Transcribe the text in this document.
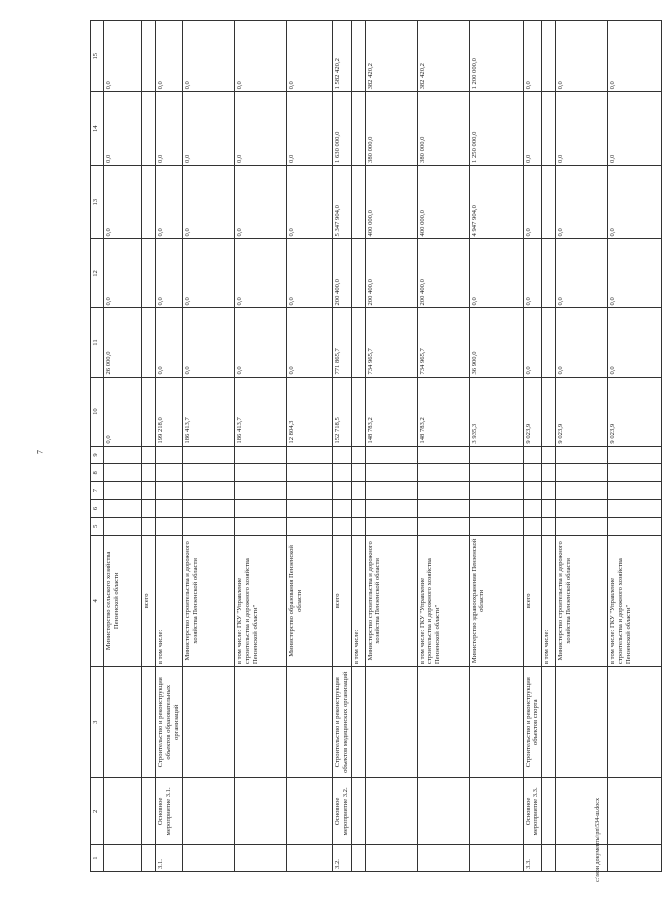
7
1	2	3	4	5	6	7	8	9	10	11	12	13	14	15
			Министерство сельского хозяйства Пензенской области						0,0	26 000,0	0,0	0,0	0,0	0,0
			всего											
3.1.	Основное мероприятие 3.1.	Строительство и реконструкция объектов образовательных организаций	в том числе:						199 218,0	0,0	0,0	0,0	0,0	0,0
			Министерство строительства и дорожного хозяйства Пензенской области						186 413,7	0,0	0,0	0,0	0,0	0,0
			в том числе: ГКУ "Управление строительства и дорожного хозяйства Пензенской области"						186 413,7	0,0	0,0	0,0	0,0	0,0
			Министерство образования Пензенской области						12 804,3	0,0	0,0	0,0	0,0	0,0
3.2.	Основное мероприятие 3.2.	Строительство и реконструкция объектов медицинских организаций	всего						152 718,5	771 865,7	200 400,0	5 347 904,0	1 630 000,0	1 582 420,2
			в том числе:											
			Министерство строительства и дорожного хозяйства Пензенской области						148 783,2	734 965,7	200 400,0	400 000,0	380 000,0	382 420,2
			в том числе: ГКУ "Управление строительства и дорожного хозяйства Пензенской области"						148 783,2	734 965,7	200 400,0	400 000,0	380 000,0	382 420,2
			Министерство здравоохранения Пензенской области						3 935,3	36 900,0	0,0	4 947 904,0	1 250 000,0	1 200 000,0
3.3.	Основное мероприятие 3.3.	Строительство и реконструкция объектов спорта	всего						9 023,9	0,0	0,0	0,0	0,0	0,0
			в том числе:											
			Министерство строительства и дорожного хозяйства Пензенской области						9 023,9	0,0	0,0	0,0	0,0	0,0
			в том числе: ГКУ "Управление строительства и дорожного хозяйства Пензенской области"						9 023,9	0,0	0,0	0,0	0,0	0,0
с:\мои документы\рп\534-ш.docx
